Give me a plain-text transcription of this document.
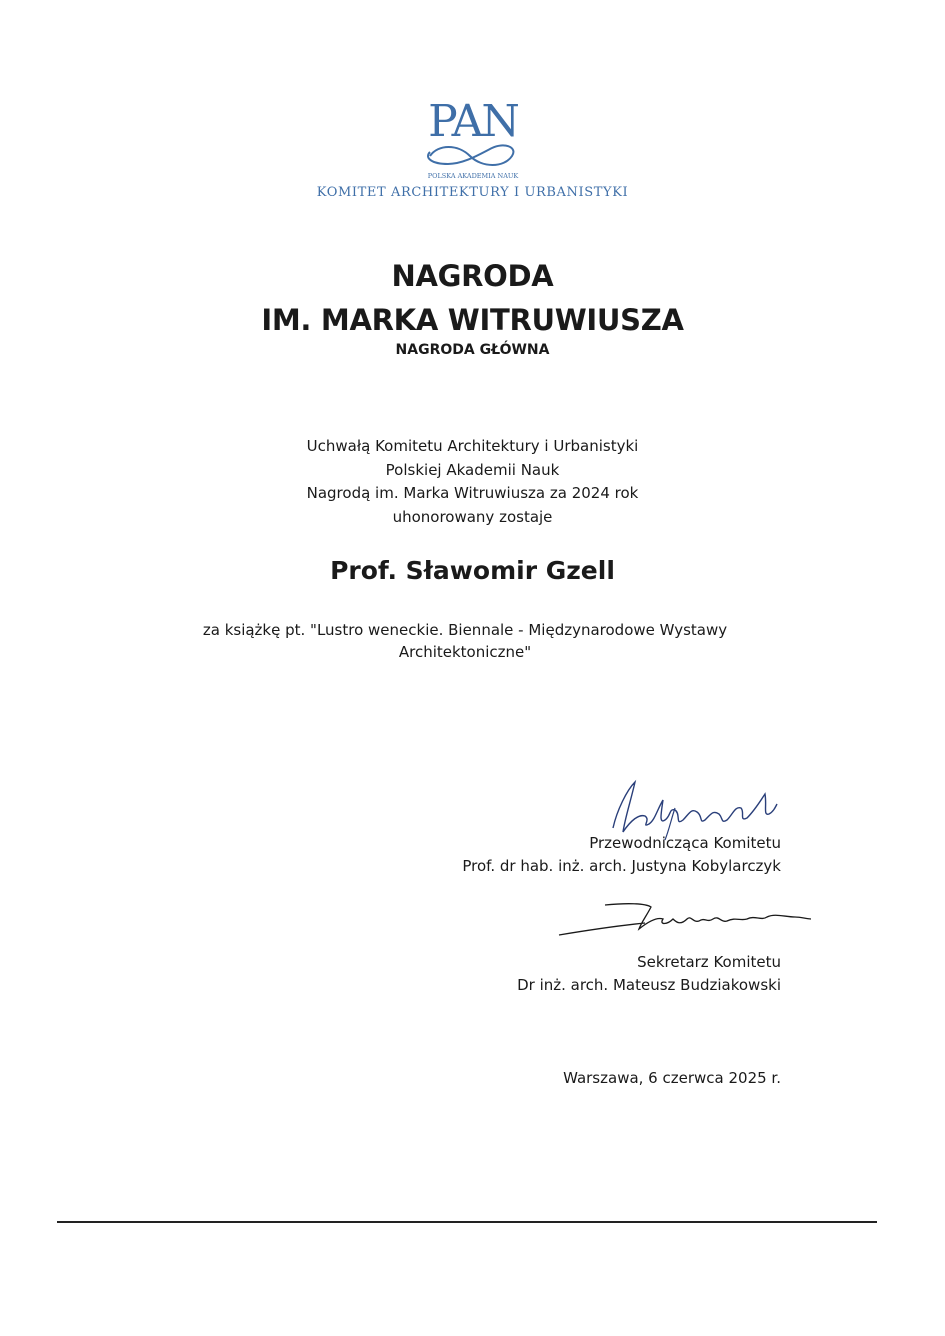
PAN
POLSKA AKADEMIA NAUK
KOMITET ARCHITEKTURY I URBANISTYKI
NAGRODA
IM. MARKA WITRUWIUSZA
NAGRODA GŁÓWNA
Uchwałą Komitetu Architektury i Urbanistyki
Polskiej Akademii Nauk
Nagrodą im. Marka Witruwiusza za 2024 rok
uhonorowany zostaje
Prof. Sławomir Gzell
za książkę pt. "Lustro weneckie. Biennale - Międzynarodowe Wystawy
Architektoniczne"
Przewodnicząca Komitetu
Prof. dr hab. inż. arch. Justyna Kobylarczyk
Sekretarz Komitetu
Dr inż. arch. Mateusz Budziakowski
Warszawa, 6 czerwca 2025 r.
